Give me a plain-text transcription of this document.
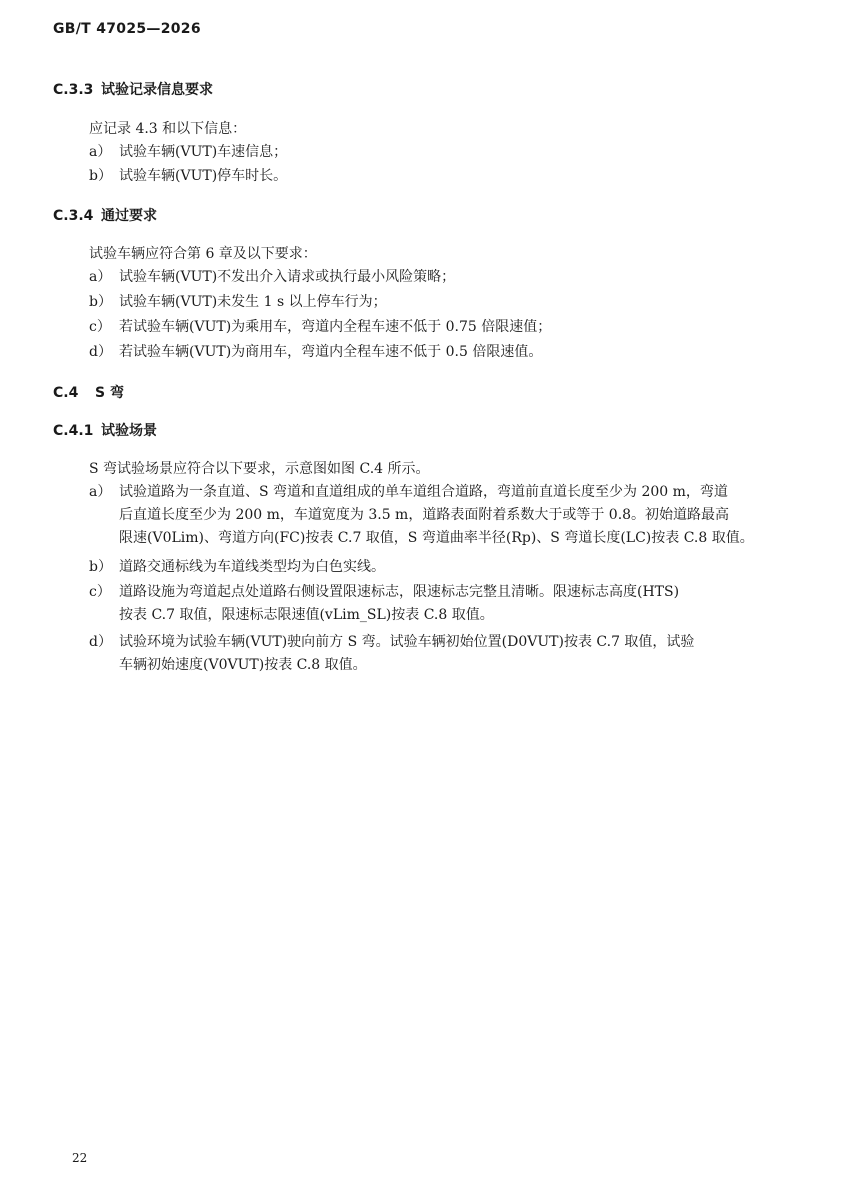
GB/T 47025—2026
C.3.3 试验记录信息要求
应记录 4.3 和以下信息：
a） 试验车辆(VUT)车速信息；
b） 试验车辆(VUT)停车时长。
C.3.4 通过要求
试验车辆应符合第 6 章及以下要求：
a） 试验车辆(VUT)不发出介入请求或执行最小风险策略；
b） 试验车辆(VUT)未发生 1 s 以上停车行为；
c） 若试验车辆(VUT)为乘用车，弯道内全程车速不低于 0.75 倍限速值；
d） 若试验车辆(VUT)为商用车，弯道内全程车速不低于 0.5 倍限速值。
C.4 S 弯
C.4.1 试验场景
S 弯试验场景应符合以下要求，示意图如图 C.4 所示。
a） 试验道路为一条直道、S 弯道和直道组成的单车道组合道路，弯道前直道长度至少为 200 m，弯道
后直道长度至少为 200 m，车道宽度为 3.5 m，道路表面附着系数大于或等于 0.8。初始道路最高
限速(V0Lim)、弯道方向(FC)按表 C.7 取值，S 弯道曲率半径(Rp)、S 弯道长度(LC)按表 C.8 取值。
b） 道路交通标线为车道线类型均为白色实线。
c） 道路设施为弯道起点处道路右侧设置限速标志，限速标志完整且清晰。限速标志高度(HTS)
按表 C.7 取值，限速标志限速值(vLim_SL)按表 C.8 取值。
d） 试验环境为试验车辆(VUT)驶向前方 S 弯。试验车辆初始位置(D0VUT)按表 C.7 取值，试验
车辆初始速度(V0VUT)按表 C.8 取值。
22
